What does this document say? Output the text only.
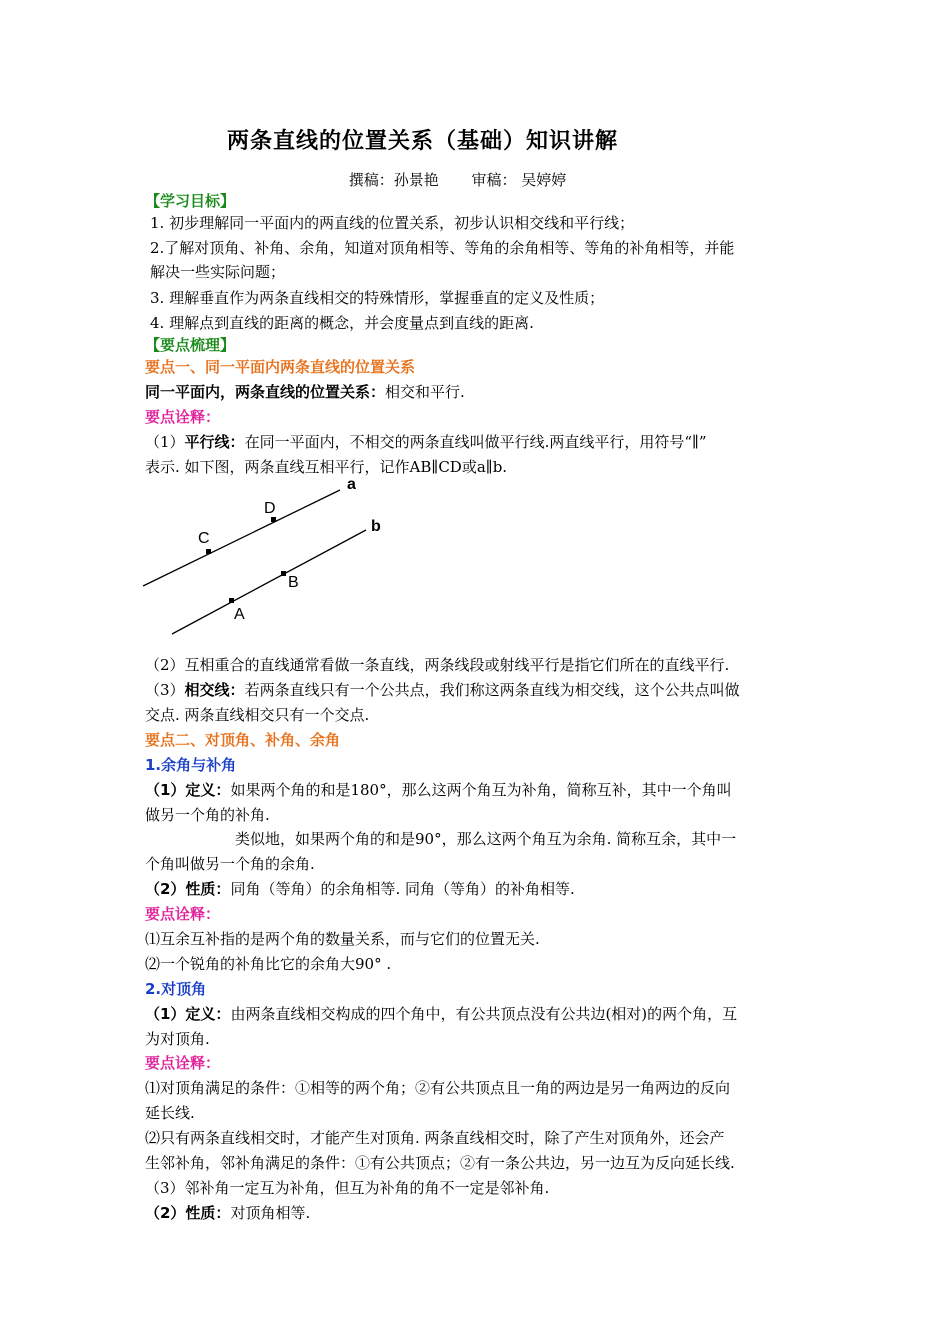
两条直线的位置关系（基础）知识讲解
撰稿：孙景艳 审稿： 吴婷婷
【学习目标】
1. 初步理解同一平面内的两直线的位置关系，初步认识相交线和平行线；
2.了解对顶角、补角、余角，知道对顶角相等、等角的余角相等、等角的补角相等，并能
解决一些实际问题；
3. 理解垂直作为两条直线相交的特殊情形，掌握垂直的定义及性质；
4. 理解点到直线的距离的概念，并会度量点到直线的距离.
【要点梳理】
要点一、同一平面内两条直线的位置关系
同一平面内，两条直线的位置关系：相交和平行.
要点诠释：
（1）平行线：在同一平面内，不相交的两条直线叫做平行线.两直线平行，用符号“∥”
表示. 如下图，两条直线互相平行，记作AB∥CD或a∥b.
a
b
C
D
A
B
（2）互相重合的直线通常看做一条直线，两条线段或射线平行是指它们所在的直线平行.
（3）相交线：若两条直线只有一个公共点，我们称这两条直线为相交线，这个公共点叫做
交点. 两条直线相交只有一个交点.
要点二、对顶角、补角、余角
1.余角与补角
（1）定义：如果两个角的和是180°，那么这两个角互为补角，简称互补，其中一个角叫
做另一个角的补角.
类似地，如果两个角的和是90°，那么这两个角互为余角. 简称互余，其中一
个角叫做另一个角的余角.
（2）性质：同角（等角）的余角相等. 同角（等角）的补角相等.
要点诠释：
⑴互余互补指的是两个角的数量关系，而与它们的位置无关.
⑵一个锐角的补角比它的余角大90° .
2.对顶角
（1）定义：由两条直线相交构成的四个角中，有公共顶点没有公共边(相对)的两个角，互
为对顶角.
要点诠释：
⑴对顶角满足的条件：①相等的两个角；②有公共顶点且一角的两边是另一角两边的反向
延长线.
⑵只有两条直线相交时，才能产生对顶角. 两条直线相交时，除了产生对顶角外，还会产
生邻补角，邻补角满足的条件：①有公共顶点；②有一条公共边，另一边互为反向延长线.
（3）邻补角一定互为补角，但互为补角的角不一定是邻补角.
（2）性质：对顶角相等.
